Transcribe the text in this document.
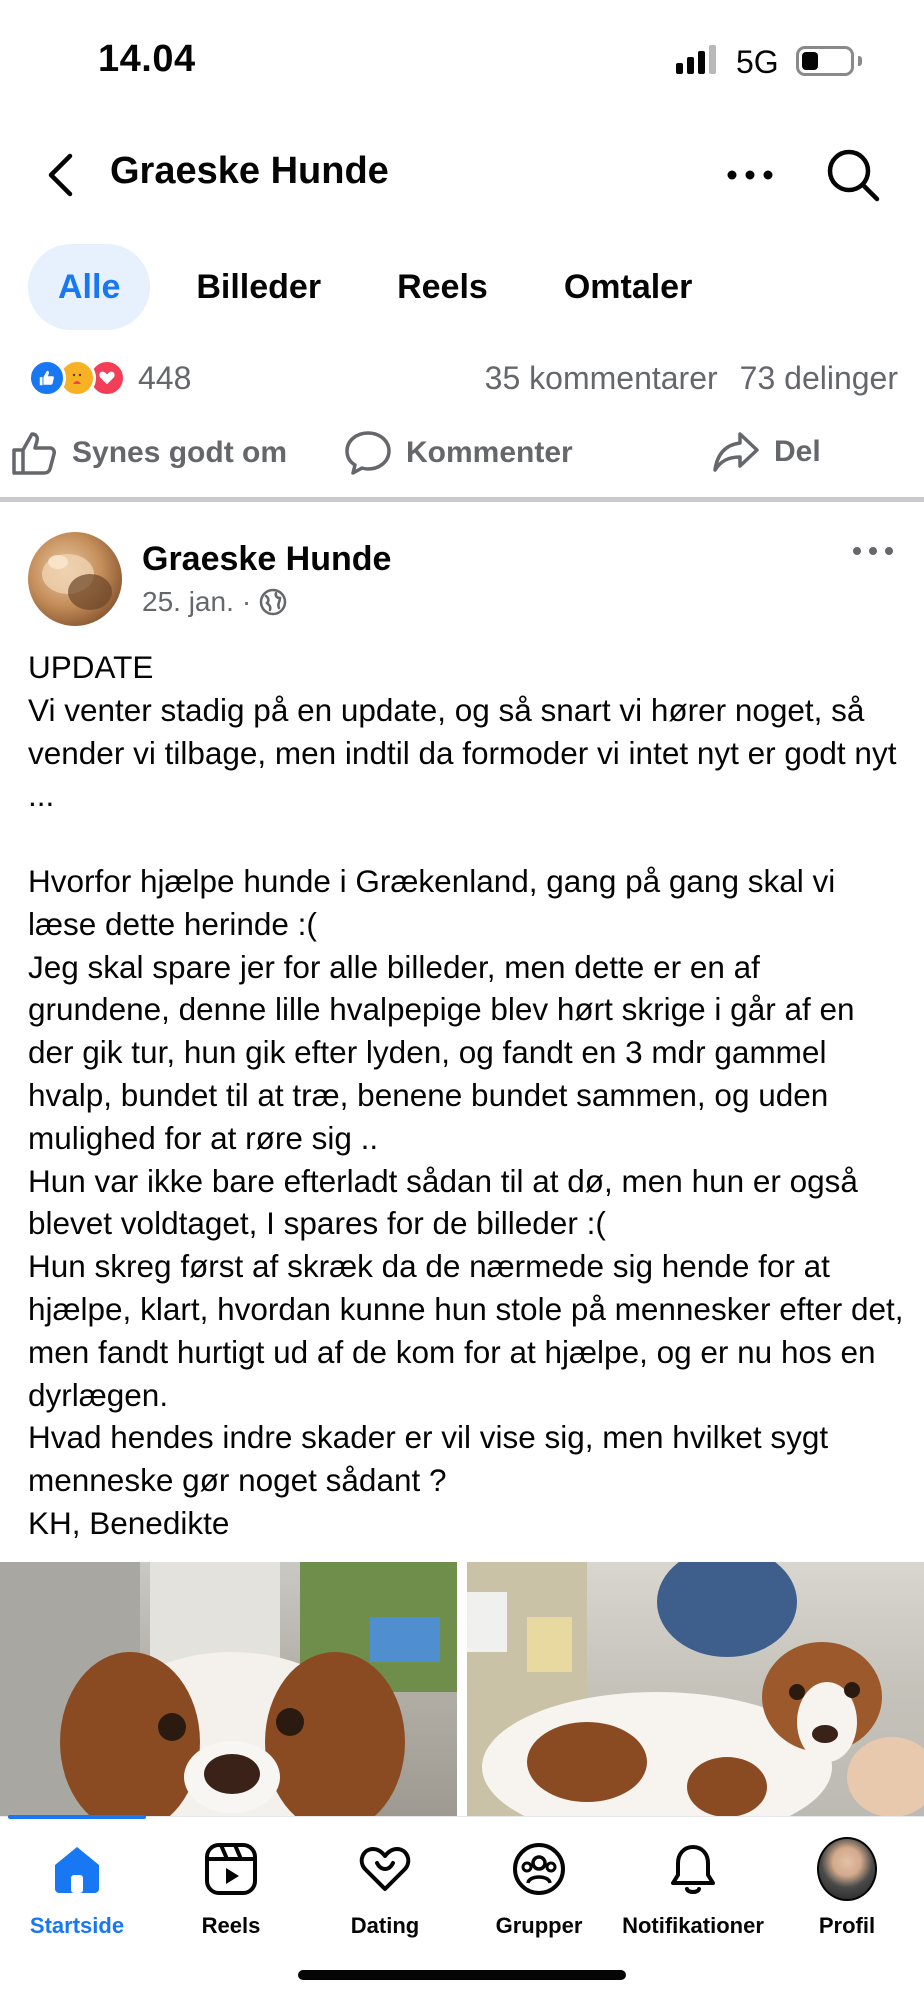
14.04	5G
Graeske Hunde
Alle	Billeder	Reels	Omtaler
448	35 kommentarer 73 delinger
Synes godt om	Kommenter	Del
Graeske Hunde
25. jan. ·

UPDATE
Vi venter stadig på en update, og så snart vi hører noget, så vender vi tilbage, men indtil da formoder vi intet nyt er godt nyt ...

Hvorfor hjælpe hunde i Grækenland, gang på gang skal vi læse dette herinde :(
Jeg skal spare jer for alle billeder, men dette er en af grundene, denne lille hvalpepige blev hørt skrige i går af en der gik tur, hun gik efter lyden, og fandt en 3 mdr gammel hvalp, bundet til at træ, benene bundet sammen, og uden mulighed for at røre sig ..
Hun var ikke bare efterladt sådan til at dø, men hun er også blevet voldtaget, I spares for de billeder :(
Hun skreg først af skræk da de nærmede sig hende for at hjælpe, klart, hvordan kunne hun stole på mennesker efter det, men fandt hurtigt ud af de kom for at hjælpe, og er nu hos en dyrlægen.
Hvad hendes indre skader er vil vise sig, men hvilket sygt menneske gør noget sådant ?
KH, Benedikte

Startside	Reels	Dating	Grupper Notifikationer Profil
